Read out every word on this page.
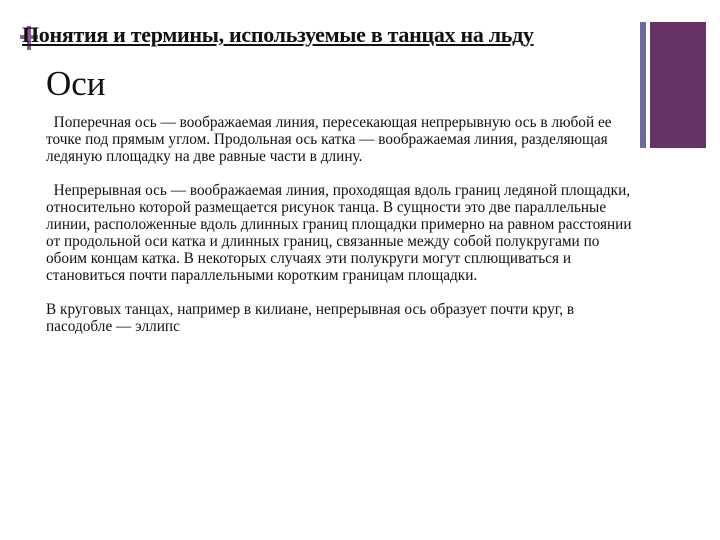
Понятия и термины, используемые в танцах на льду
Оси

Поперечная ось — воображаемая линия, пересекающая непрерывную ось в любой ее точке под прямым углом. Продольная ось катка — воображаемая линия, разделяющая ледяную площадку на две равные части в длину.

Непрерывная ось — воображаемая линия, проходящая вдоль границ ледяной площадки, относительно которой размещается рисунок танца. В сущности это две параллельные линии, расположенные вдоль длинных границ площадки примерно на равном расстоянии от продольной оси катка и длинных границ, связанные между собой полукругами по обоим концам катка. В некоторых случаях эти полукруги могут сплющиваться и становиться почти параллельными коротким границам площадки.

В круговых танцах, например в килиане, непрерывная ось образует почти круг, в пасодобле — эллипс
